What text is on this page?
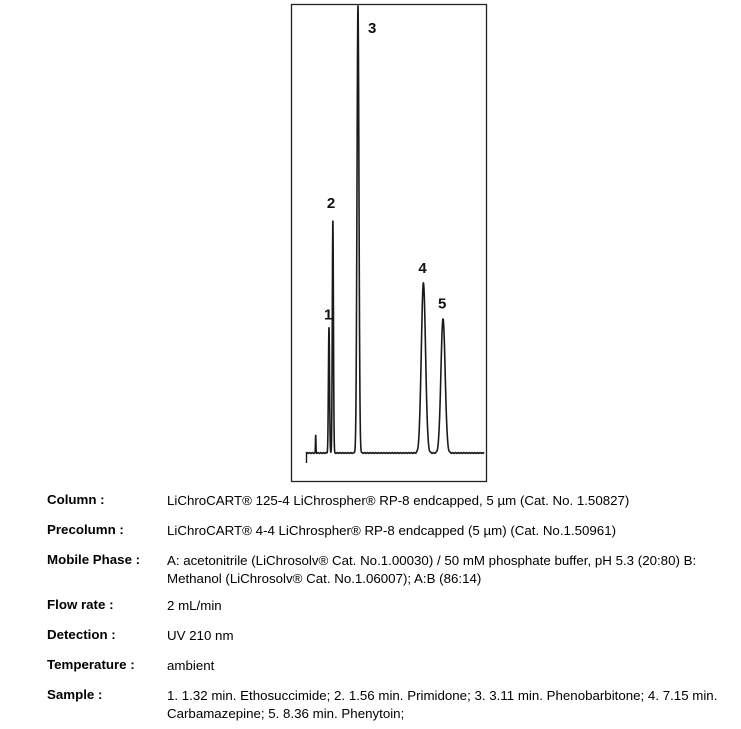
1
2
3
4
5
Column :	LiChroCART® 125-4 LiChrospher® RP-8 endcapped, 5 µm (Cat. No. 1.50827)
Precolumn :	LiChroCART® 4-4 LiChrospher® RP-8 endcapped (5 µm) (Cat. No.1.50961)
Mobile Phase : A: acetonitrile (LiChrosolv® Cat. No.1.00030) / 50 mM phosphate buffer, pH 5.3 (20:80) B: Methanol (LiChrosolv® Cat. No.1.06007); A:B (86:14)
Flow rate :	2 mL/min
Detection :	UV 210 nm
Temperature : ambient
Sample :	1. 1.32 min. Ethosuccimide; 2. 1.56 min. Primidone; 3. 3.11 min. Phenobarbitone; 4. 7.15 min. Carbamazepine; 5. 8.36 min. Phenytoin;
